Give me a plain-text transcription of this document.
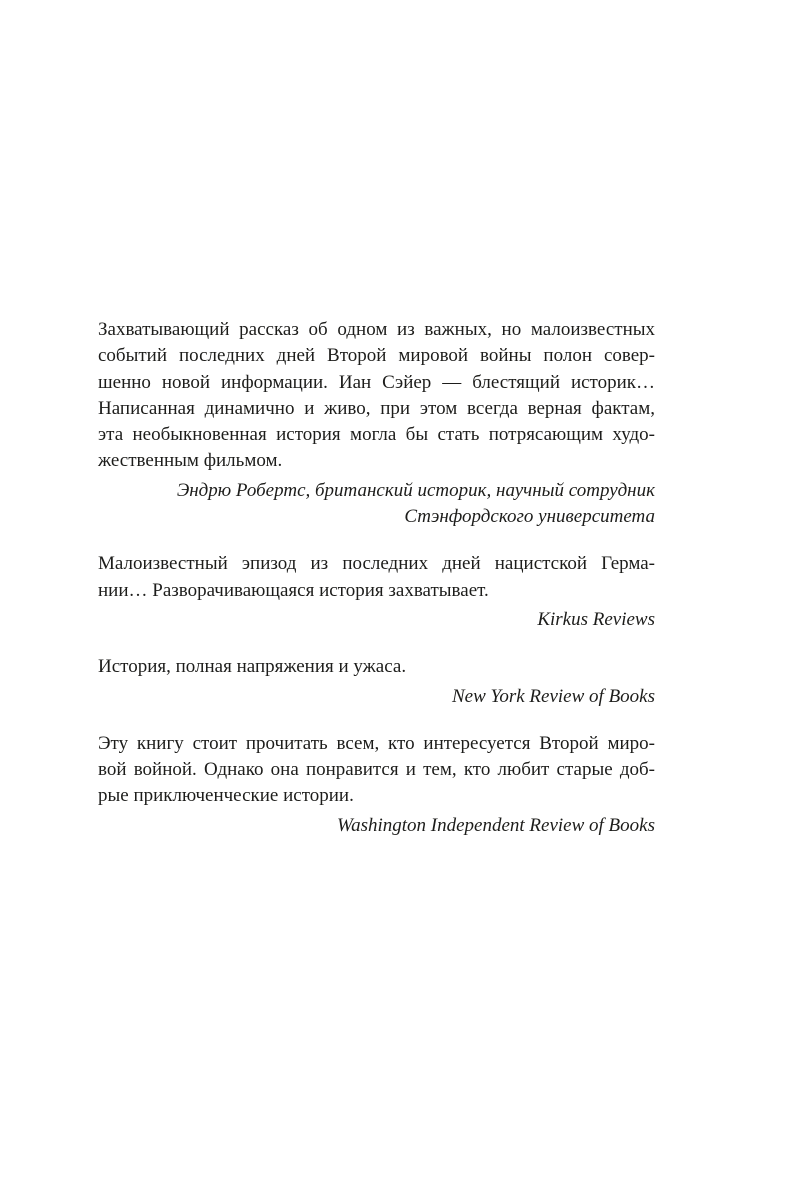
Захватывающий рассказ об одном из важных, но малоизвестных
событий последних дней Второй мировой войны полон совер-
шенно новой информации. Иан Сэйер — блестящий историк…
Написанная динамично и живо, при этом всегда верная фактам,
эта необыкновенная история могла бы стать потрясающим худо-
жественным фильмом.
Эндрю Робертс, британский историк, научный сотрудник
Стэнфордского университета
Малоизвестный эпизод из последних дней нацистской Герма-
нии… Разворачивающаяся история захватывает.
Kirkus Reviews
История, полная напряжения и ужаса.
New York Review of Books
Эту книгу стоит прочитать всем, кто интересуется Второй миро-
вой войной. Однако она понравится и тем, кто любит старые доб-
рые приключенческие истории.
Washington Independent Review of Books
